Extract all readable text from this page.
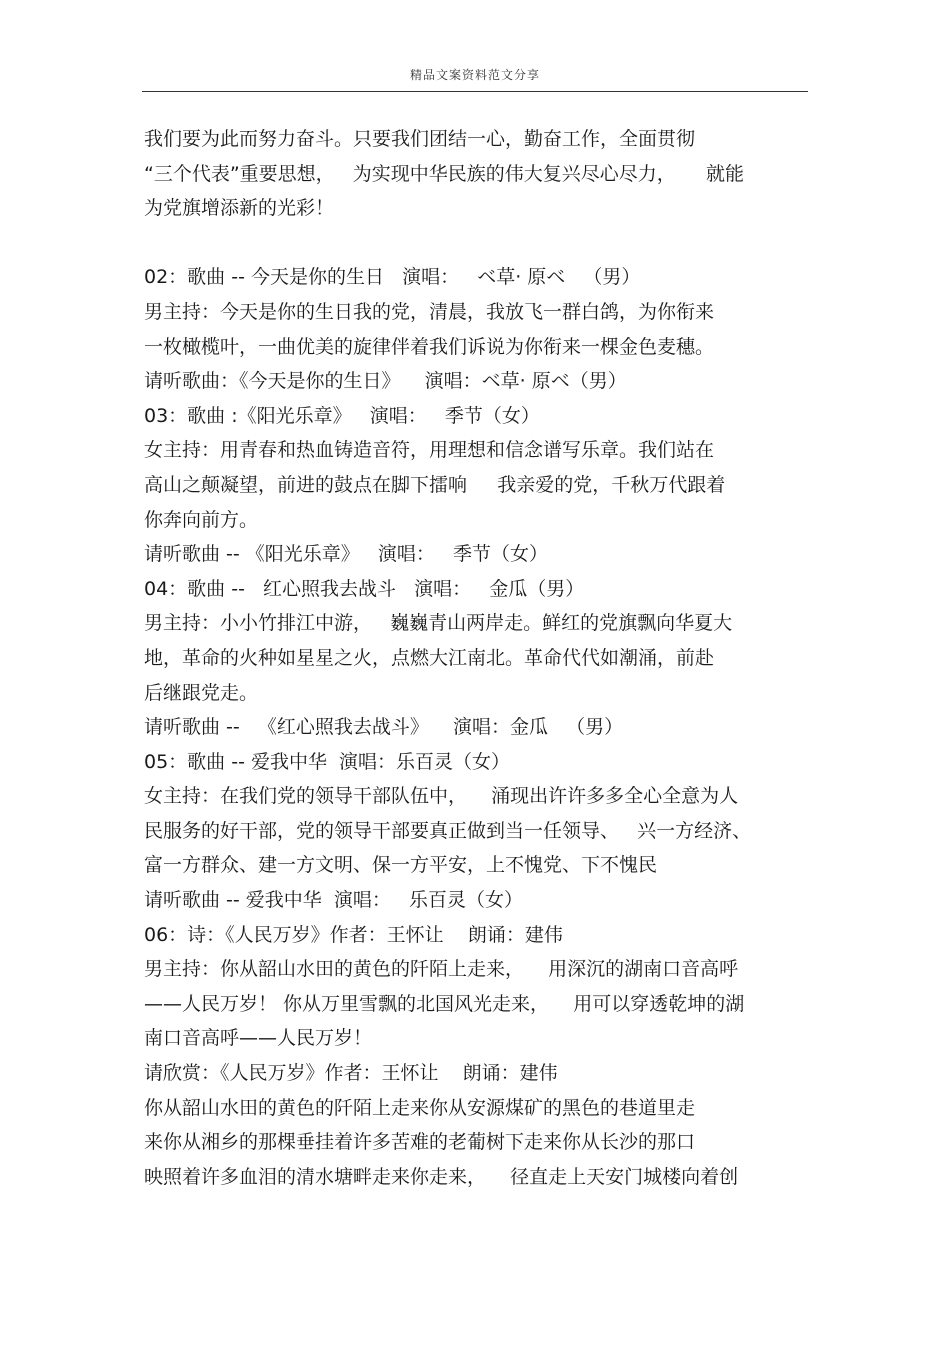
精品文案资料范文分享
我们要为此而努力奋斗。只要我们团结一心，勤奋工作，全面贯彻
“三个代表”重要思想，   为实现中华民族的伟大复兴尽心尽力，     就能
为党旗增添新的光彩！
02：歌曲 -- 今天是你的生日   演唱：   ベ草· 原ベ   （男）
男主持：今天是你的生日我的党，清晨，我放飞一群白鸽，为你衔来
一枚橄榄叶，一曲优美的旋律伴着我们诉说为你衔来一棵金色麦穗。
请听歌曲：《今天是你的生日》    演唱：ベ草· 原ベ（男）
03：歌曲 :《阳光乐章》   演唱：   季节（女）
女主持：用青春和热血铸造音符，用理想和信念谱写乐章。我们站在
高山之颠凝望，前进的鼓点在脚下擂响     我亲爱的党，千秋万代跟着
你奔向前方。
请听歌曲 -- 《阳光乐章》   演唱：   季节（女）
04：歌曲 --   红心照我去战斗   演唱：   金瓜（男）
男主持：小小竹排江中游，   巍巍青山两岸走。鲜红的党旗飘向华夏大
地，革命的火种如星星之火，点燃大江南北。革命代代如潮涌，前赴
后继跟党走。
请听歌曲 --   《红心照我去战斗》    演唱：金瓜   （男）
05：歌曲 -- 爱我中华  演唱：乐百灵（女）
女主持：在我们党的领导干部队伍中，    涌现出许许多多全心全意为人
民服务的好干部，党的领导干部要真正做到当一任领导、   兴一方经济、
富一方群众、建一方文明、保一方平安，上不愧党、下不愧民
请听歌曲 -- 爱我中华  演唱：   乐百灵（女）
06：诗：《人民万岁》作者：王怀让    朗诵：建伟
男主持：你从韶山水田的黄色的阡陌上走来，    用深沉的湖南口音高呼
——人民万岁！ 你从万里雪飘的北国风光走来，    用可以穿透乾坤的湖
南口音高呼——人民万岁！
请欣赏：《人民万岁》作者：王怀让    朗诵：建伟
你从韶山水田的黄色的阡陌上走来你从安源煤矿的黑色的巷道里走
来你从湘乡的那棵垂挂着许多苦难的老葡树下走来你从长沙的那口
映照着许多血泪的清水塘畔走来你走来，    径直走上天安门城楼向着创
